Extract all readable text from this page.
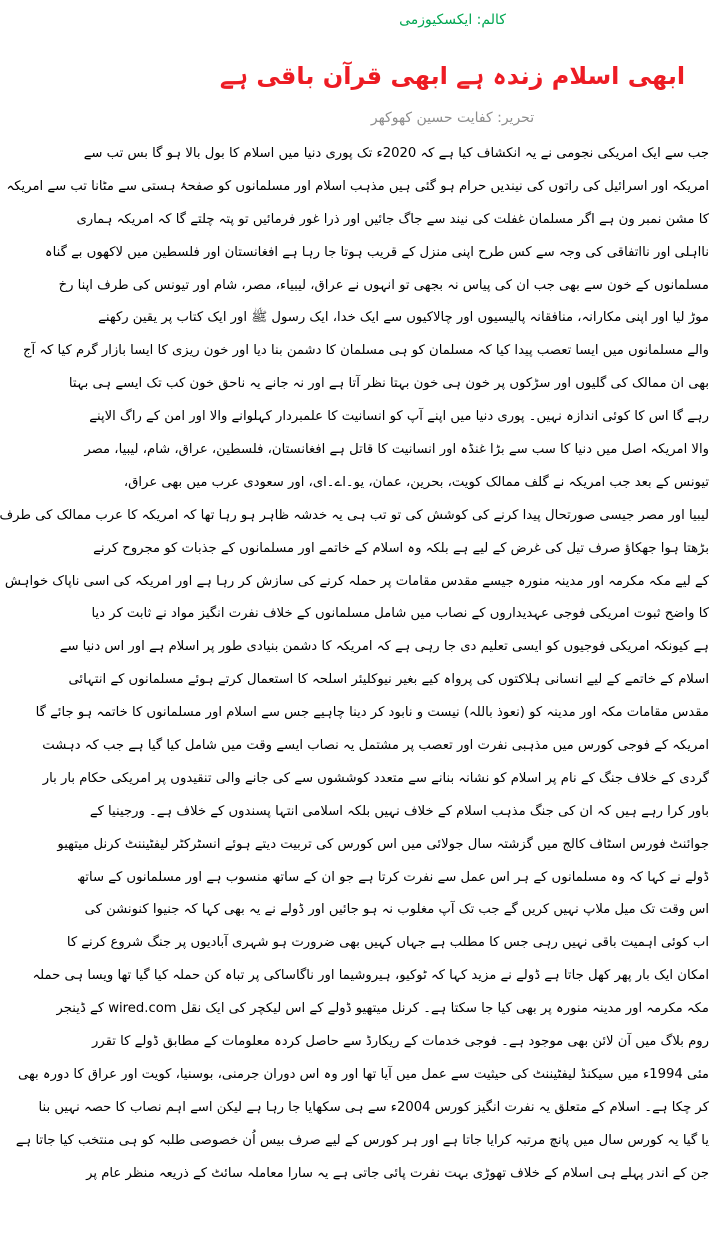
کالم: ایکسکیوزمی
ابھی اسلام زندہ ہے ابھی قرآن باقی ہے
تحریر: کفایت حسین کھوکھر
جب سے ایک امریکی نجومی نے یہ انکشاف کیا ہے کہ 2020ء تک پوری دنیا میں اسلام کا بول بالا ہو گا بس تب سے
امریکہ اور اسرائیل کی راتوں کی نیندیں حرام ہو گئی ہیں مذہب اسلام اور مسلمانوں کو صفحۂ ہستی سے مٹانا تب سے امریکہ
کا مشن نمبر ون ہے اگر مسلمان غفلت کی نیند سے جاگ جائیں اور ذرا غور فرمائیں تو پتہ چلتے گا کہ امریکہ ہماری
نااہلی اور نااتفاقی کی وجہ سے کس طرح اپنی منزل کے قریب ہوتا جا رہا ہے افغانستان اور فلسطین میں لاکھوں بے گناہ
مسلمانوں کے خون سے بھی جب ان کی پیاس نہ بجھی تو انہوں نے عراق، لیبیاء، مصر، شام اور تیونس کی طرف اپنا رخ
موڑ لیا اور اپنی مکارانہ، منافقانہ پالیسیوں اور چالاکیوں سے ایک خدا، ایک رسول ﷺ اور ایک کتاب پر یقین رکھنے
والے مسلمانوں میں ایسا تعصب پیدا کیا کہ مسلمان کو ہی مسلمان کا دشمن بنا دیا اور خون ریزی کا ایسا بازار گرم کیا کہ آج
بھی ان ممالک کی گلیوں اور سڑکوں پر خون ہی خون بہتا نظر آتا ہے اور نہ جانے یہ ناحق خون کب تک ایسے ہی بہتا
رہے گا اس کا کوئی اندازہ نہیں۔ پوری دنیا میں اپنے آپ کو انسانیت کا علمبردار کہلوانے والا اور امن کے راگ الاپنے
والا امریکہ اصل میں دنیا کا سب سے بڑا غنڈہ اور انسانیت کا قاتل ہے افغانستان، فلسطین، عراق، شام، لیبیا، مصر
تیونس کے بعد جب امریکہ نے گلف ممالک کویت، بحرین، عمان، یو۔اے۔ای، اور سعودی عرب میں بھی عراق،
لیبیا اور مصر جیسی صورتحال پیدا کرنے کی کوشش کی تو تب ہی یہ خدشہ ظاہر ہو رہا تھا کہ امریکہ کا عرب ممالک کی طرف
بڑھتا ہوا جھکاؤ صرف تیل کی غرض کے لیے ہے بلکہ وہ اسلام کے خاتمے اور مسلمانوں کے جذبات کو مجروح کرنے
کے لیے مکہ مکرمہ اور مدینہ منورہ جیسے مقدس مقامات پر حملہ کرنے کی سازش کر رہا ہے اور امریکہ کی اسی ناپاک خواہش
کا واضح ثبوت امریکی فوجی عہدیداروں کے نصاب میں شامل مسلمانوں کے خلاف نفرت انگیز مواد نے ثابت کر دیا
ہے کیونکہ امریکی فوجیوں کو ایسی تعلیم دی جا رہی ہے کہ امریکہ کا دشمن بنیادی طور پر اسلام ہے اور اس دنیا سے
اسلام کے خاتمے کے لیے انسانی ہلاکتوں کی پرواہ کیے بغیر نیوکلیئر اسلحہ کا استعمال کرتے ہوئے مسلمانوں کے انتہائی
مقدس مقامات مکہ اور مدینہ کو (نعوذ باللہ) نیست و نابود کر دینا چاہیے جس سے اسلام اور مسلمانوں کا خاتمہ ہو جائے گا
امریکہ کے فوجی کورس میں مذہبی نفرت اور تعصب پر مشتمل یہ نصاب ایسے وقت میں شامل کیا گیا ہے جب کہ دہشت
گردی کے خلاف جنگ کے نام پر اسلام کو نشانہ بنانے سے متعدد کوششوں سے کی جانے والی تنقیدوں پر امریکی حکام بار بار
باور کرا رہے ہیں کہ ان کی جنگ مذہب اسلام کے خلاف نہیں بلکہ اسلامی انتہا پسندوں کے خلاف ہے۔ ورجینیا کے
جوائنٹ فورس اسٹاف کالج میں گزشتہ سال جولائی میں اس کورس کی تربیت دیتے ہوئے انسٹرکٹر لیفٹیننٹ کرنل میتھیو
ڈولے نے کہا کہ وہ مسلمانوں کے ہر اس عمل سے نفرت کرتا ہے جو ان کے ساتھ منسوب ہے اور مسلمانوں کے ساتھ
اس وقت تک میل ملاپ نہیں کریں گے جب تک آپ مغلوب نہ ہو جائیں اور ڈولے نے یہ بھی کہا کہ جنیوا کنونشن کی
اب کوئی اہمیت باقی نہیں رہی جس کا مطلب ہے جہاں کہیں بھی ضرورت ہو شہری آبادیوں پر جنگ شروع کرنے کا
امکان ایک بار پھر کھل جاتا ہے ڈولے نے مزید کہا کہ ٹوکیو، ہیروشیما اور ناگاساکی پر تباہ کن حملہ کیا گیا تھا ویسا ہی حملہ
مکہ مکرمہ اور مدینہ منورہ پر بھی کیا جا سکتا ہے۔ کرنل میتھیو ڈولے کے اس لیکچر کی ایک نقل wired.com کے ڈینجر
روم بلاگ میں آن لائن بھی موجود ہے۔ فوجی خدمات کے ریکارڈ سے حاصل کردہ معلومات کے مطابق ڈولے کا تقرر
مئی 1994ء میں سیکنڈ لیفٹیننٹ کی حیثیت سے عمل میں آیا تھا اور وہ اس دوران جرمنی، بوسنیا، کویت اور عراق کا دورہ بھی
کر چکا ہے۔ اسلام کے متعلق یہ نفرت انگیز کورس 2004ء سے ہی سکھایا جا رہا ہے لیکن اسے اہم نصاب کا حصہ نہیں بنا
یا گیا یہ کورس سال میں پانچ مرتبہ کرایا جاتا ہے اور ہر کورس کے لیے صرف بیس اُن خصوصی طلبہ کو ہی منتخب کیا جاتا ہے
جن کے اندر پہلے ہی اسلام کے خلاف تھوڑی بہت نفرت پائی جاتی ہے یہ سارا معاملہ سائٹ کے ذریعہ منظر عام پر
